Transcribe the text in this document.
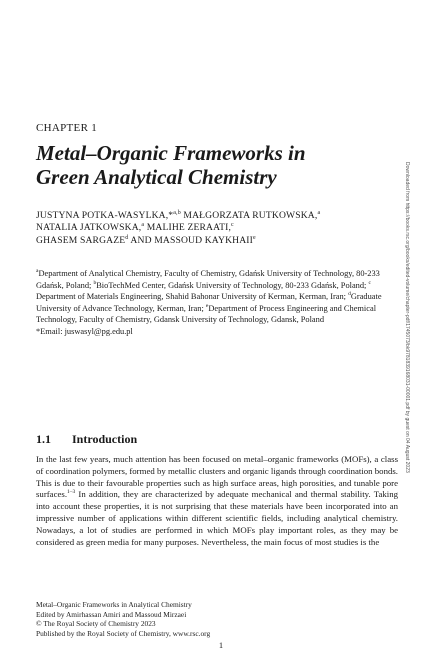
CHAPTER 1
Metal–Organic Frameworks in
Green Analytical Chemistry
JUSTYNA POTKA-WASYLKA,*$^{a,b}$ MAŁGORZATA RUTKOWSKA,$^a$
NATALIA JATKOWSKA,$^a$ MALIHE ZERAATI,$^c$
GHASEM SARGAZE$^d$ AND MASSOUD KAYKHAII$^e$
$^a$Department of Analytical Chemistry, Faculty of Chemistry, Gdańsk University of Technology, 80-233 Gdańsk, Poland; $^b$BioTechMed Center, Gdańsk University of Technology, 80-233 Gdańsk, Poland; $^c$ Department of Materials Engineering, Shahid Bahonar University of Kerman, Kerman, Iran; $^d$Graduate University of Advance Technology, Kerman, Iran; $^e$Department of Process Engineering and Chemical Technology, Faculty of Chemistry, Gdansk University of Technology, Gdansk, Poland
*Email: juswasyl@pg.edu.pl
1.1 Introduction
In the last few years, much attention has been focused on metal–organic frameworks (MOFs), a class of coordination polymers, formed by metallic clusters and organic ligands through coordination bonds. This is due to their favourable properties such as high surface areas, high porosities, and tunable pore surfaces.$^{1-3}$ In addition, they are characterized by adequate mechanical and thermal stability. Taking into account these properties, it is not surprising that these materials have been incorporated into an impressive number of applications within different scientific fields, including analytical chemistry. Nowadays, a lot of studies are performed in which MOFs play important roles, as they may be considered as green media for many purposes. Nevertheless, the main focus of most studies is the
Metal–Organic Frameworks in Analytical Chemistry
Edited by Amirhassan Amiri and Massoud Mirzaei
© The Royal Society of Chemistry 2023
Published by the Royal Society of Chemistry, www.rsc.org
1
Downloaded from https://books.rsc.org/books/edited-volume/chapter-pdf/1745073/bk9781839168031-00001.pdf by guest on 04 August 2023
